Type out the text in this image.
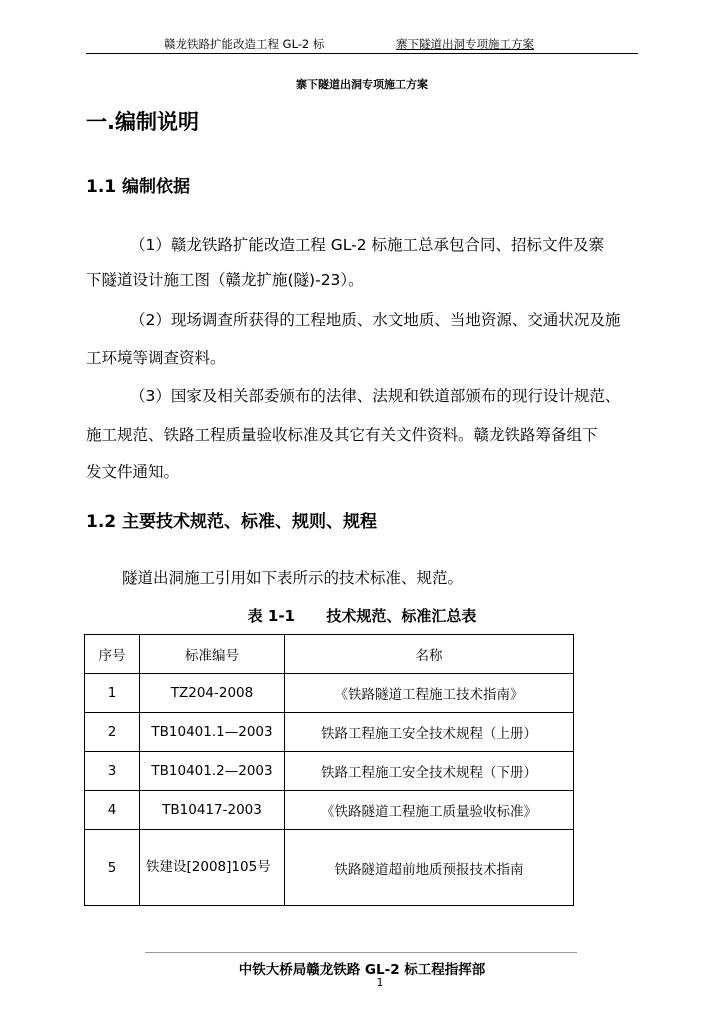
赣龙铁路扩能改造工程 GL-2 标	寨下隧道出洞专项施工方案
寨下隧道出洞专项施工方案
一.编制说明
1.1 编制依据
（1）赣龙铁路扩能改造工程 GL-2 标施工总承包合同、招标文件及寨
下隧道设计施工图（赣龙扩施(隧)-23）。
（2）现场调查所获得的工程地质、水文地质、当地资源、交通状况及施
工环境等调查资料。
（3）国家及相关部委颁布的法律、法规和铁道部颁布的现行设计规范、
施工规范、铁路工程质量验收标准及其它有关文件资料。赣龙铁路筹备组下
发文件通知。
1.2 主要技术规范、标准、规则、规程
隧道出洞施工引用如下表所示的技术标准、规范。
表 1-1      技术规范、标准汇总表
序号	标准编号	名称
1	TZ204-2008	《铁路隧道工程施工技术指南》
2	TB10401.1—2003	铁路工程施工安全技术规程（上册）
3	TB10401.2—2003	铁路工程施工安全技术规程（下册）
4	TB10417-2003	《铁路隧道工程施工质量验收标准》
5	铁建设[2008]105号	铁路隧道超前地质预报技术指南
中铁大桥局赣龙铁路 GL-2 标工程指挥部
1
